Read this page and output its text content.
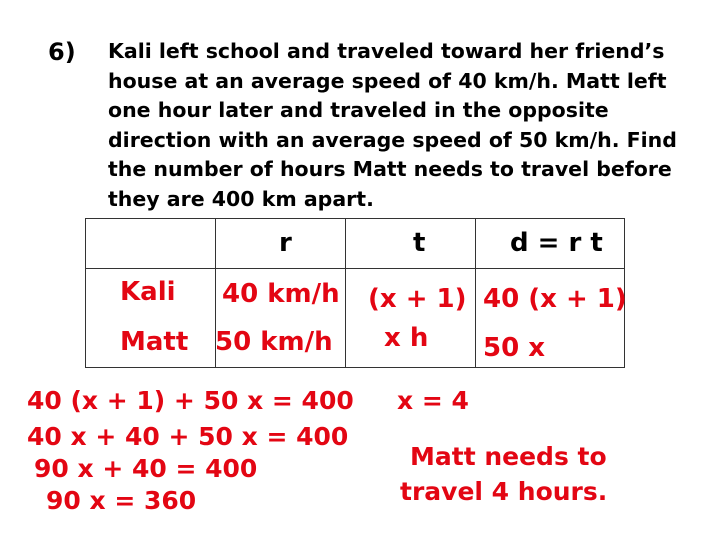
6) Kali left school and traveled toward her friend’s
house at an average speed of 40 km/h. Matt left
one hour later and traveled in the opposite
direction with an average speed of 50 km/h. Find
the number of hours Matt needs to travel before
they are 400 km apart.
r	t	d = r t
Kali 40 km/h (x + 1) 40 (x + 1)
Matt 50 km/h x h 50 x
40 (x + 1) + 50 x = 400
40 x + 40 + 50 x = 400
90 x + 40 = 400
90 x = 360
x = 4
Matt needs to
travel 4 hours.
